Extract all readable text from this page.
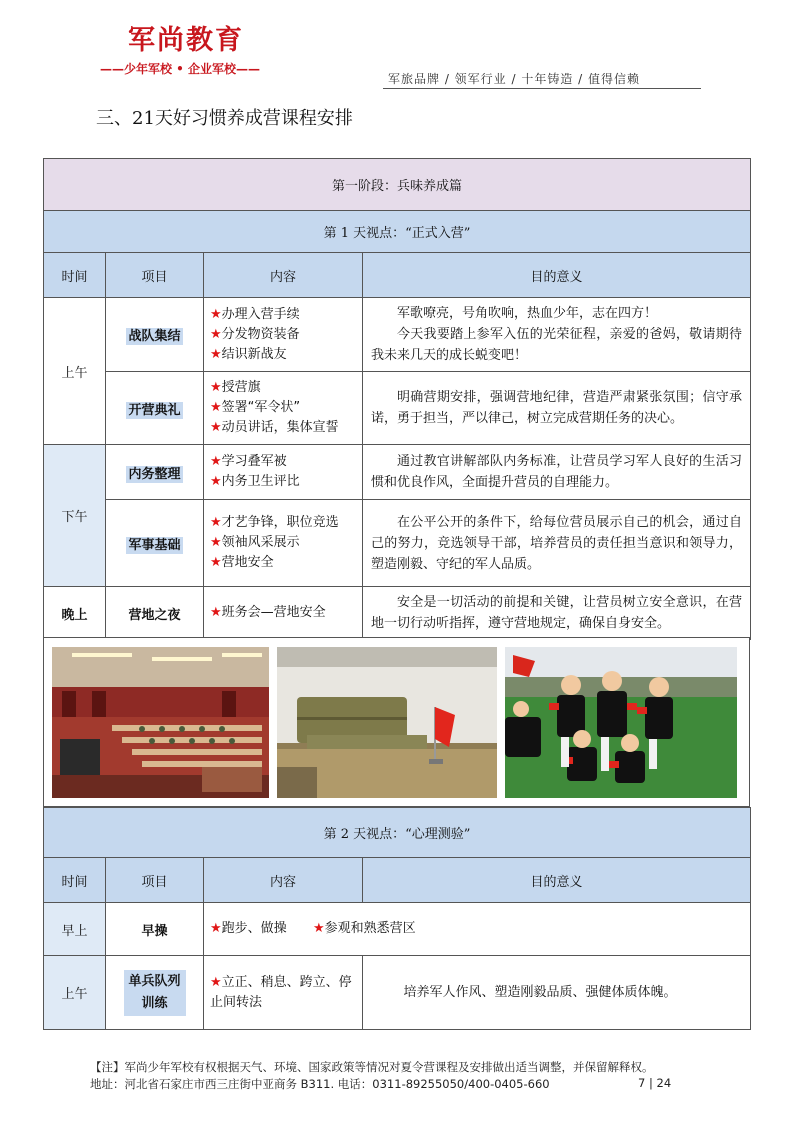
军尚教育
——少年军校 • 企业军校——
军旅品牌 / 领军行业 / 十年铸造 / 值得信赖
三、21天好习惯养成营课程安排
第一阶段：兵味养成篇			
第 1 天视点：“正式入营”			
时间	项目	内容	目的意义
上午	战队集结	★办理入营手续
★分发物资装备
★结识新战友	军歌嘹亮，号角吹响，热血少年，志在四方！
今天我要踏上参军入伍的光荣征程，亲爱的爸妈，敬请期待我未来几天的成长蜕变吧！

	开营典礼	★授营旗
★签署“军令状”
★动员讲话，集体宣誓	明确营期安排，强调营地纪律，营造严肃紧张氛围；信守承诺，勇于担当，严以律己，树立完成营期任务的决心。

下午	内务整理	★学习叠军被
★内务卫生评比	通过教官讲解部队内务标准，让营员学习军人良好的生活习惯和优良作风，全面提升营员的自理能力。

	军事基础	★才艺争锋，职位竞选
★领袖风采展示
★营地安全	在公平公开的条件下，给每位营员展示自己的机会，通过自己的努力，竞选领导干部，培养营员的责任担当意识和领导力，塑造刚毅、守纪的军人品质。

晚上	营地之夜	★班务会—营地安全	安全是一切活动的前提和关键，让营员树立安全意识，在营地一切行动听指挥，遵守营地规定，确保自身安全。
第 2 天视点：“心理测验”			
时间	项目	内容	目的意义
早上	早操	★跑步、做操 ★参观和熟悉营区	
上午	单兵队列训练	★立正、稍息、跨立、停止间转法	培养军人作风、塑造刚毅品质、强健体质体魄。
【注】军尚少年军校有权根据天气、环境、国家政策等情况对夏令营课程及安排做出适当调整，并保留解释权。
地址：河北省石家庄市西三庄街中亚商务 B311. 电话：0311-89255050/400-0405-660	7 | 24
